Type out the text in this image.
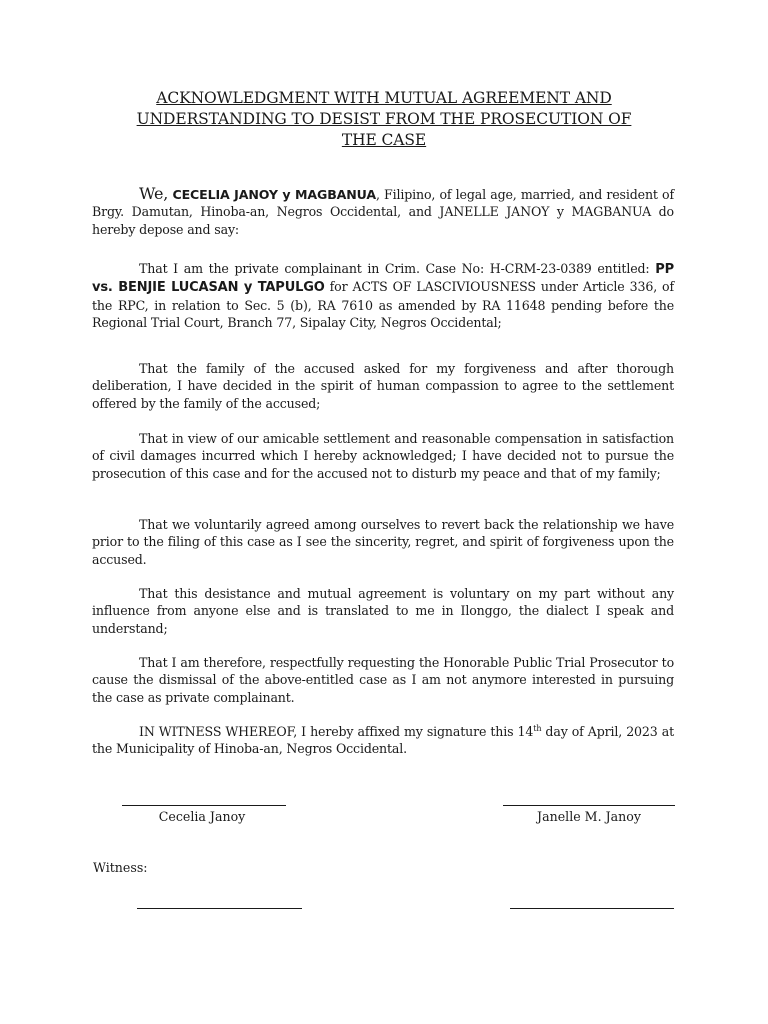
ACKNOWLEDGMENT WITH MUTUAL AGREEMENT AND
UNDERSTANDING TO DESIST FROM THE PROSECUTION OF
THE CASE
We, CECELIA JANOY y MAGBANUA, Filipino, of legal age, married, and resident of Brgy. Damutan, Hinoba-an, Negros Occidental, and JANELLE JANOY y MAGBANUA do hereby depose and say:
That I am the private complainant in Crim. Case No: H-CRM-23-0389 entitled: PP vs. BENJIE LUCASAN y TAPULGO for ACTS OF LASCIVIOUSNESS under Article 336, of the RPC, in relation to Sec. 5 (b), RA 7610 as amended by RA 11648 pending before the Regional Trial Court, Branch 77, Sipalay City, Negros Occidental;
That the family of the accused asked for my forgiveness and after thorough deliberation, I have decided in the spirit of human compassion to agree to the settlement offered by the family of the accused;
That in view of our amicable settlement and reasonable compensation in satisfaction of civil damages incurred which I hereby acknowledged; I have decided not to pursue the prosecution of this case and for the accused not to disturb my peace and that of my family;
That we voluntarily agreed among ourselves to revert back the relationship we have prior to the filing of this case as I see the sincerity, regret, and spirit of forgiveness upon the accused.
That this desistance and mutual agreement is voluntary on my part without any influence from anyone else and is translated to me in Ilonggo, the dialect I speak and understand;
That I am therefore, respectfully requesting the Honorable Public Trial Prosecutor to cause the dismissal of the above-entitled case as I am not anymore interested in pursuing the case as private complainant.
IN WITNESS WHEREOF, I hereby affixed my signature this 14th day of April, 2023 at the Municipality of Hinoba-an, Negros Occidental.
Cecelia Janoy	Janelle M. Janoy
Witness:
